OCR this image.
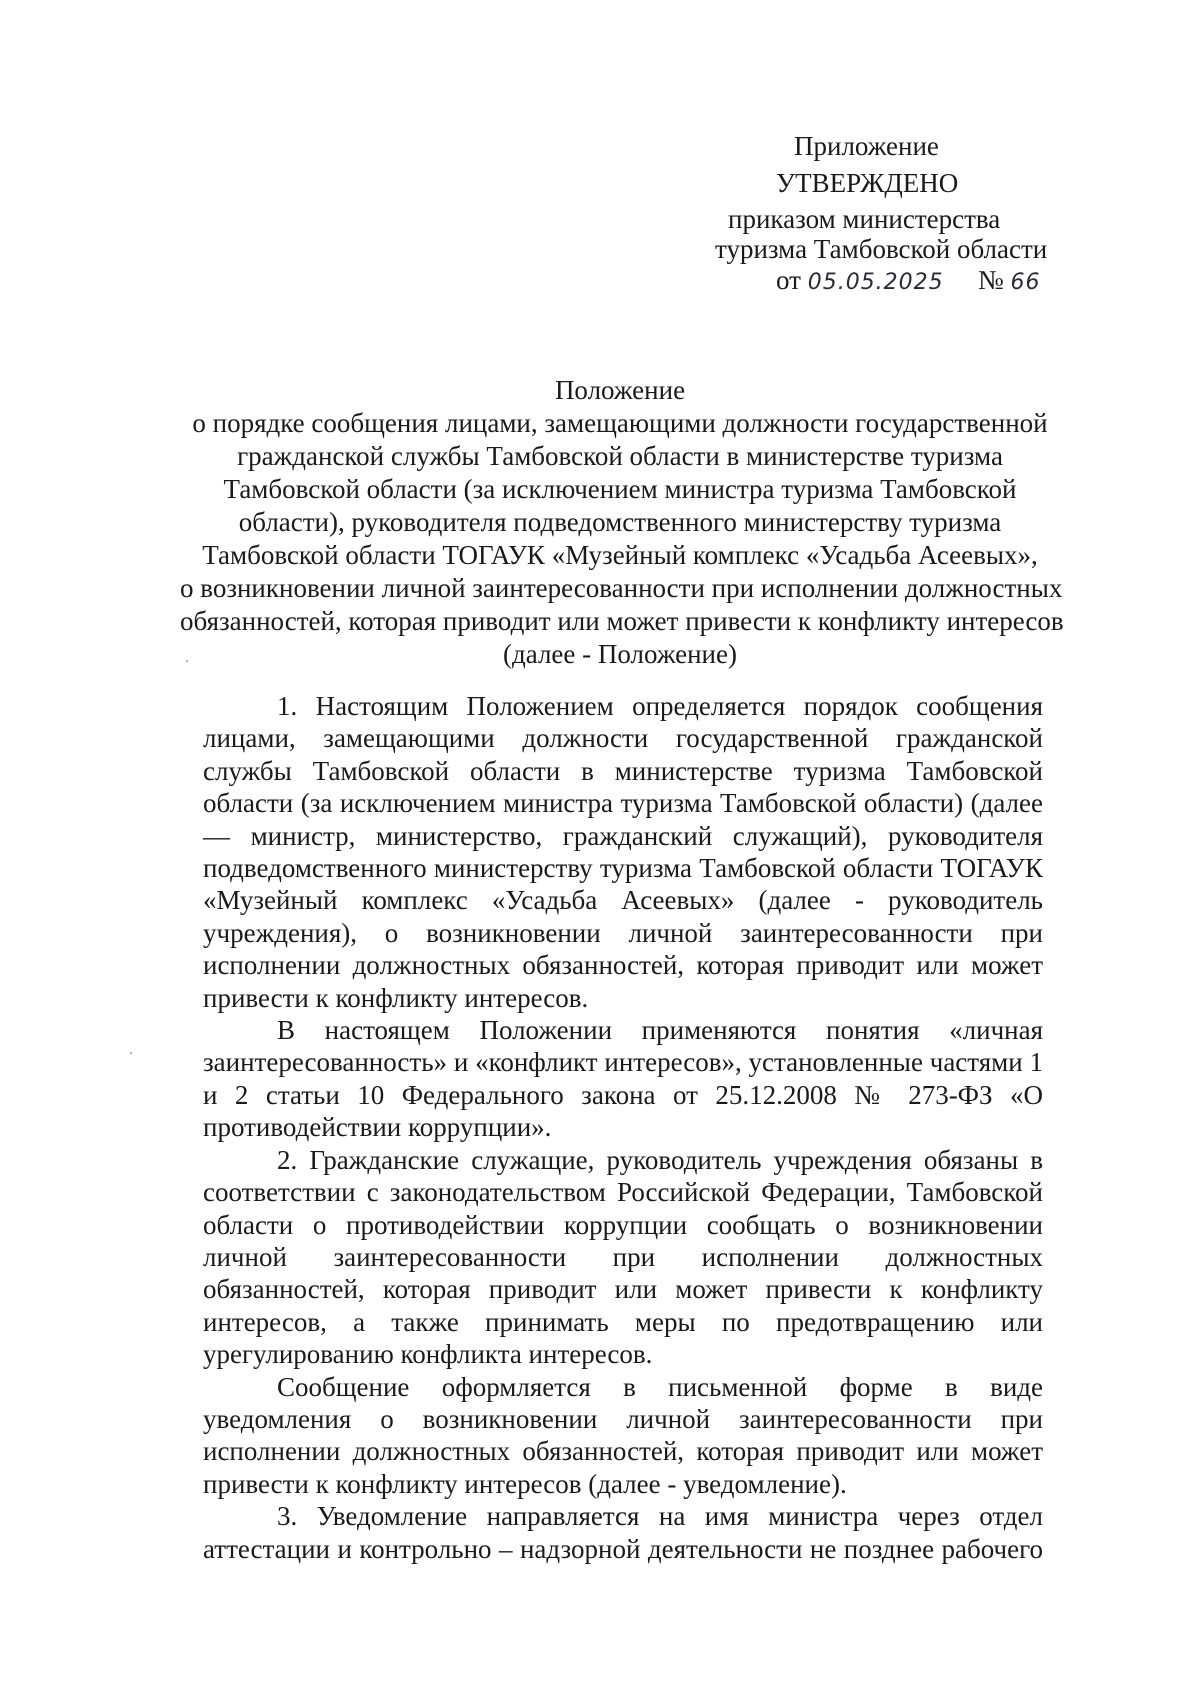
Приложение
УТВЕРЖДЕНО
приказом министерства
туризма Тамбовской области
от 05.05.2025 № 66
Положение
о порядке сообщения лицами, замещающими должности государственной
гражданской службы Тамбовской области в министерстве туризма
Тамбовской области (за исключением министра туризма Тамбовской
области), руководителя подведомственного министерству туризма
Тамбовской области ТОГАУК «Музейный комплекс «Усадьба Асеевых»,
о возникновении личной заинтересованности при исполнении должностных
обязанностей, которая приводит или может привести к конфликту интересов
(далее - Положение)

1. Настоящим Положением определяется порядок сообщения лицами, замещающими должности государственной гражданской службы Тамбовской области в министерстве туризма Тамбовской области (за исключением министра туризма Тамбовской области) (далее — министр, министерство, гражданский служащий), руководителя подведомственного министерству туризма Тамбовской области ТОГАУК «Музейный комплекс «Усадьба Асеевых» (далее - руководитель учреждения), о возникновении личной заинтересованности при исполнении должностных обязанностей, которая приводит или может привести к конфликту интересов.

В настоящем Положении применяются понятия «личная заинтересованность» и «конфликт интересов», установленные частями 1 и 2 статьи 10 Федерального закона от 25.12.2008 № 273-ФЗ «О противодействии коррупции».

2. Гражданские служащие, руководитель учреждения обязаны в соответствии с законодательством Российской Федерации, Тамбовской области о противодействии коррупции сообщать о возникновении личной заинтересованности при исполнении должностных обязанностей, которая приводит или может привести к конфликту интересов, а также принимать меры по предотвращению или урегулированию конфликта интересов.

Сообщение оформляется в письменной форме в виде уведомления о возникновении личной заинтересованности при исполнении должностных обязанностей, которая приводит или может привести к конфликту интересов (далее - уведомление).

3. Уведомление направляется на имя министра через отдел аттестации и контрольно – надзорной деятельности не позднее рабочего
